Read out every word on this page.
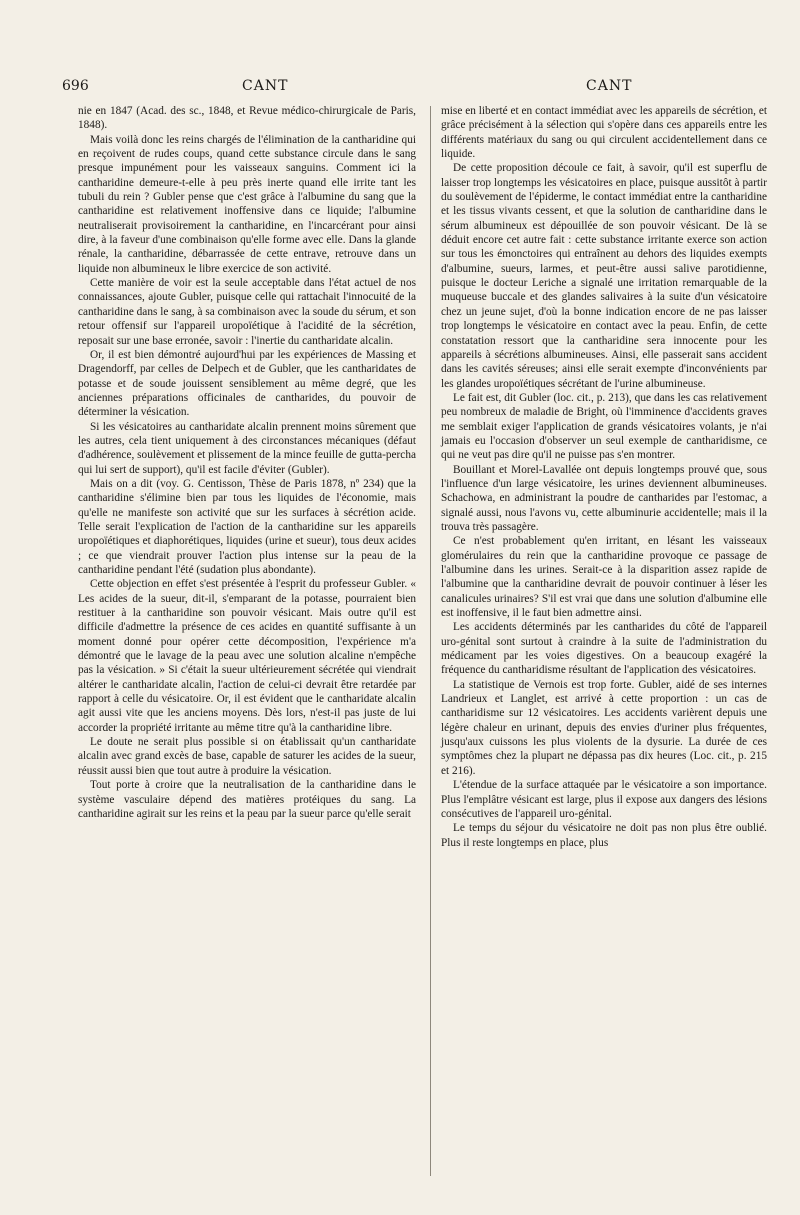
696	CANT	CANT

nie en 1847 (Acad. des sc., 1848, et Revue médico-chirurgicale de Paris, 1848).

Mais voilà donc les reins chargés de l'élimination de la cantharidine qui en reçoivent de rudes coups, quand cette substance circule dans le sang presque impunément pour les vaisseaux sanguins. Comment ici la cantharidine demeure-t-elle à peu près inerte quand elle irrite tant les tubuli du rein ? Gubler pense que c'est grâce à l'albumine du sang que la cantharidine est relativement inoffensive dans ce liquide; l'albumine neutraliserait provisoirement la cantharidine, en l'incarcérant pour ainsi dire, à la faveur d'une combinaison qu'elle forme avec elle. Dans la glande rénale, la cantharidine, débarrassée de cette entrave, retrouve dans un liquide non albumineux le libre exercice de son activité.

Cette manière de voir est la seule acceptable dans l'état actuel de nos connaissances, ajoute Gubler, puisque celle qui rattachait l'innocuité de la cantharidine dans le sang, à sa combinaison avec la soude du sérum, et son retour offensif sur l'appareil uropoïétique à l'acidité de la sécrétion, reposait sur une base erronée, savoir : l'inertie du cantharidate alcalin.

Or, il est bien démontré aujourd'hui par les expériences de Massing et Dragendorff, par celles de Delpech et de Gubler, que les cantharidates de potasse et de soude jouissent sensiblement au même degré, que les anciennes préparations officinales de cantharides, du pouvoir de déterminer la vésication.

Si les vésicatoires au cantharidate alcalin prennent moins sûrement que les autres, cela tient uniquement à des circonstances mécaniques (défaut d'adhérence, soulèvement et plissement de la mince feuille de gutta-percha qui lui sert de support), qu'il est facile d'éviter (Gubler).

Mais on a dit (voy. G. Centisson, Thèse de Paris 1878, nº 234) que la cantharidine s'élimine bien par tous les liquides de l'économie, mais qu'elle ne manifeste son activité que sur les surfaces à sécrétion acide. Telle serait l'explication de l'action de la cantharidine sur les appareils uropoïétiques et diaphorétiques, liquides (urine et sueur), tous deux acides ; ce que viendrait prouver l'action plus intense sur la peau de la cantharidine pendant l'été (sudation plus abondante).

Cette objection en effet s'est présentée à l'esprit du professeur Gubler. « Les acides de la sueur, dit-il, s'emparant de la potasse, pourraient bien restituer à la cantharidine son pouvoir vésicant. Mais outre qu'il est difficile d'admettre la présence de ces acides en quantité suffisante à un moment donné pour opérer cette décomposition, l'expérience m'a démontré que le lavage de la peau avec une solution alcaline n'empêche pas la vésication. » Si c'était la sueur ultérieurement sécrétée qui viendrait altérer le cantharidate alcalin, l'action de celui-ci devrait être retardée par rapport à celle du vésicatoire. Or, il est évident que le cantharidate alcalin agit aussi vite que les anciens moyens. Dès lors, n'est-il pas juste de lui accorder la propriété irritante au même titre qu'à la cantharidine libre.

Le doute ne serait plus possible si on établissait qu'un cantharidate alcalin avec grand excès de base, capable de saturer les acides de la sueur, réussit aussi bien que tout autre à produire la vésication.

Tout porte à croire que la neutralisation de la cantharidine dans le système vasculaire dépend des matières protéiques du sang. La cantharidine agirait sur les reins et la peau par la sueur parce qu'elle serait

mise en liberté et en contact immédiat avec les appareils de sécrétion, et grâce précisément à la sélection qui s'opère dans ces appareils entre les différents matériaux du sang ou qui circulent accidentellement dans ce liquide.

De cette proposition découle ce fait, à savoir, qu'il est superflu de laisser trop longtemps les vésicatoires en place, puisque aussitôt à partir du soulèvement de l'épiderme, le contact immédiat entre la cantharidine et les tissus vivants cessent, et que la solution de cantharidine dans le sérum albumineux est dépouillée de son pouvoir vésicant. De là se déduit encore cet autre fait : cette substance irritante exerce son action sur tous les émonctoires qui entraînent au dehors des liquides exempts d'albumine, sueurs, larmes, et peut-être aussi salive parotidienne, puisque le docteur Leriche a signalé une irritation remarquable de la muqueuse buccale et des glandes salivaires à la suite d'un vésicatoire chez un jeune sujet, d'où la bonne indication encore de ne pas laisser trop longtemps le vésicatoire en contact avec la peau. Enfin, de cette constatation ressort que la cantharidine sera innocente pour les appareils à sécrétions albumineuses. Ainsi, elle passerait sans accident dans les cavités séreuses; ainsi elle serait exempte d'inconvénients par les glandes uropoïétiques sécrétant de l'urine albumineuse.

Le fait est, dit Gubler (loc. cit., p. 213), que dans les cas relativement peu nombreux de maladie de Bright, où l'imminence d'accidents graves me semblait exiger l'application de grands vésicatoires volants, je n'ai jamais eu l'occasion d'observer un seul exemple de cantharidisme, ce qui ne veut pas dire qu'il ne puisse pas s'en montrer.

Bouillant et Morel-Lavallée ont depuis longtemps prouvé que, sous l'influence d'un large vésicatoire, les urines deviennent albumineuses. Schachowa, en administrant la poudre de cantharides par l'estomac, a signalé aussi, nous l'avons vu, cette albuminurie accidentelle; mais il la trouva très passagère.

Ce n'est probablement qu'en irritant, en lésant les vaisseaux glomérulaires du rein que la cantharidine provoque ce passage de l'albumine dans les urines. Serait-ce à la disparition assez rapide de l'albumine que la cantharidine devrait de pouvoir continuer à léser les canalicules urinaires? S'il est vrai que dans une solution d'albumine elle est inoffensive, il le faut bien admettre ainsi.

Les accidents déterminés par les cantharides du côté de l'appareil uro-génital sont surtout à craindre à la suite de l'administration du médicament par les voies digestives. On a beaucoup exagéré la fréquence du cantharidisme résultant de l'application des vésicatoires.

La statistique de Vernois est trop forte. Gubler, aidé de ses internes Landrieux et Langlet, est arrivé à cette proportion : un cas de cantharidisme sur 12 vésicatoires. Les accidents varièrent depuis une légère chaleur en urinant, depuis des envies d'uriner plus fréquentes, jusqu'aux cuissons les plus violents de la dysurie. La durée de ces symptômes chez la plupart ne dépassa pas dix heures (Loc. cit., p. 215 et 216).

L'étendue de la surface attaquée par le vésicatoire a son importance. Plus l'emplâtre vésicant est large, plus il expose aux dangers des lésions consécutives de l'appareil uro-génital.

Le temps du séjour du vésicatoire ne doit pas non plus être oublié. Plus il reste longtemps en place, plus
